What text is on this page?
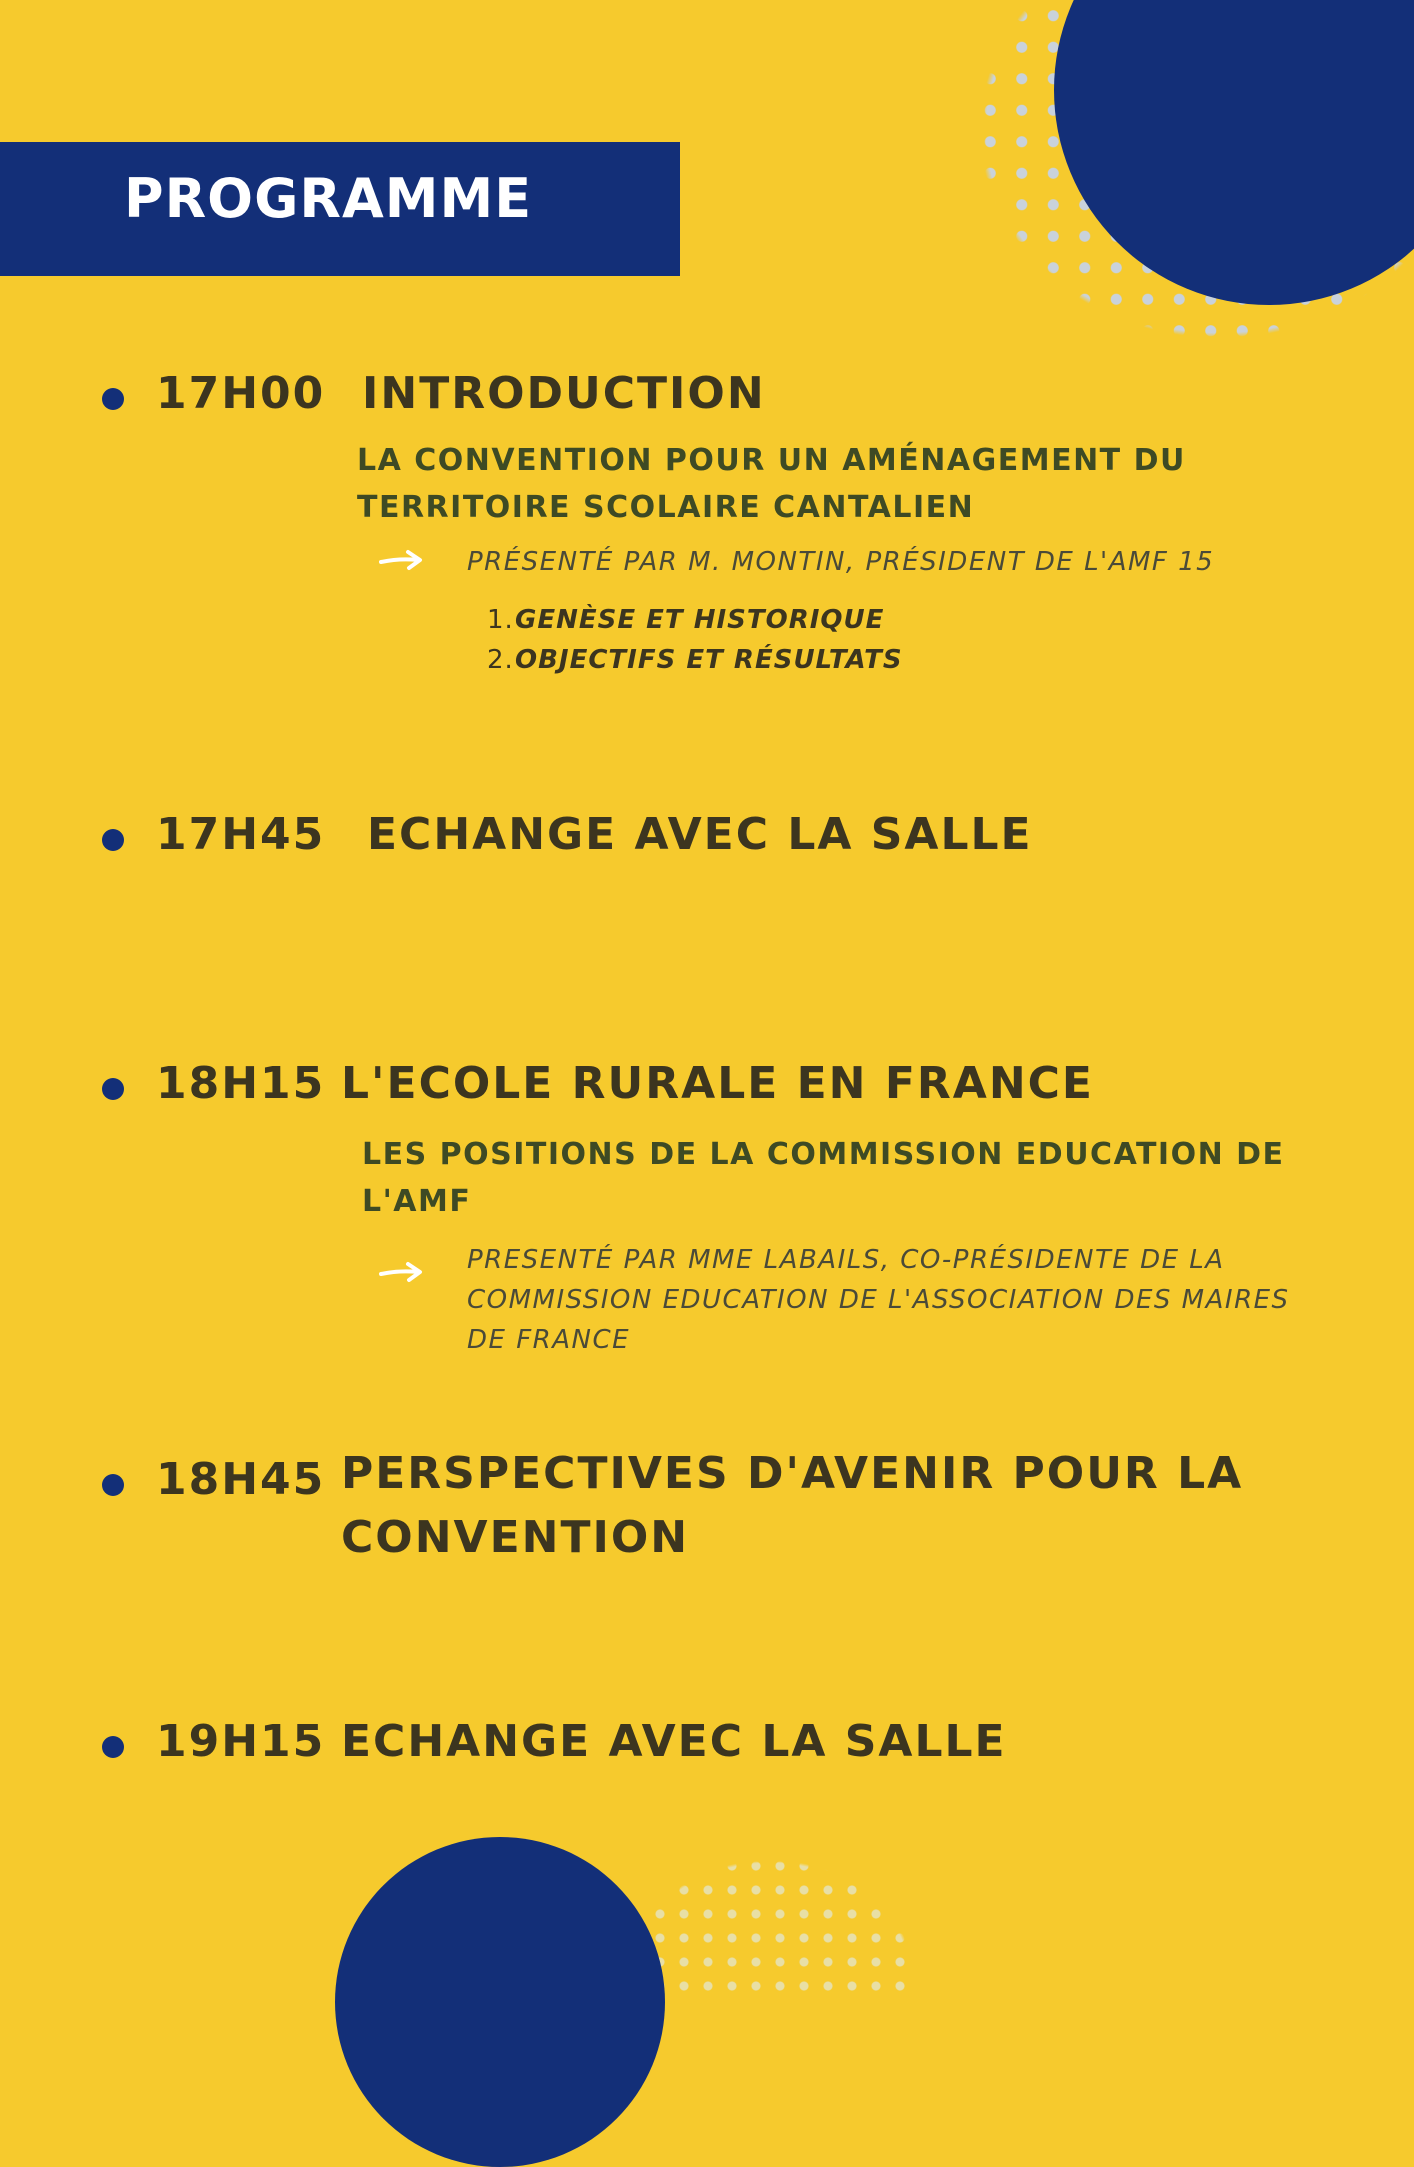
PROGRAMME
17H00 INTRODUCTION
LA CONVENTION POUR UN AMÉNAGEMENT DU TERRITOIRE SCOLAIRE CANTALIEN
PRÉSENTÉ PAR M. MONTIN, PRÉSIDENT DE L'AMF 15
1.GENÈSE ET HISTORIQUE
2.OBJECTIFS ET RÉSULTATS
17H45 ECHANGE AVEC LA SALLE
18H15 L'ECOLE RURALE EN FRANCE
LES POSITIONS DE LA COMMISSION EDUCATION DE L'AMF
PRESENTÉ PAR MME LABAILS, CO-PRÉSIDENTE DE LA COMMISSION EDUCATION DE L'ASSOCIATION DES MAIRES DE FRANCE
18H45 PERSPECTIVES D'AVENIR POUR LA CONVENTION
19H15 ECHANGE AVEC LA SALLE
